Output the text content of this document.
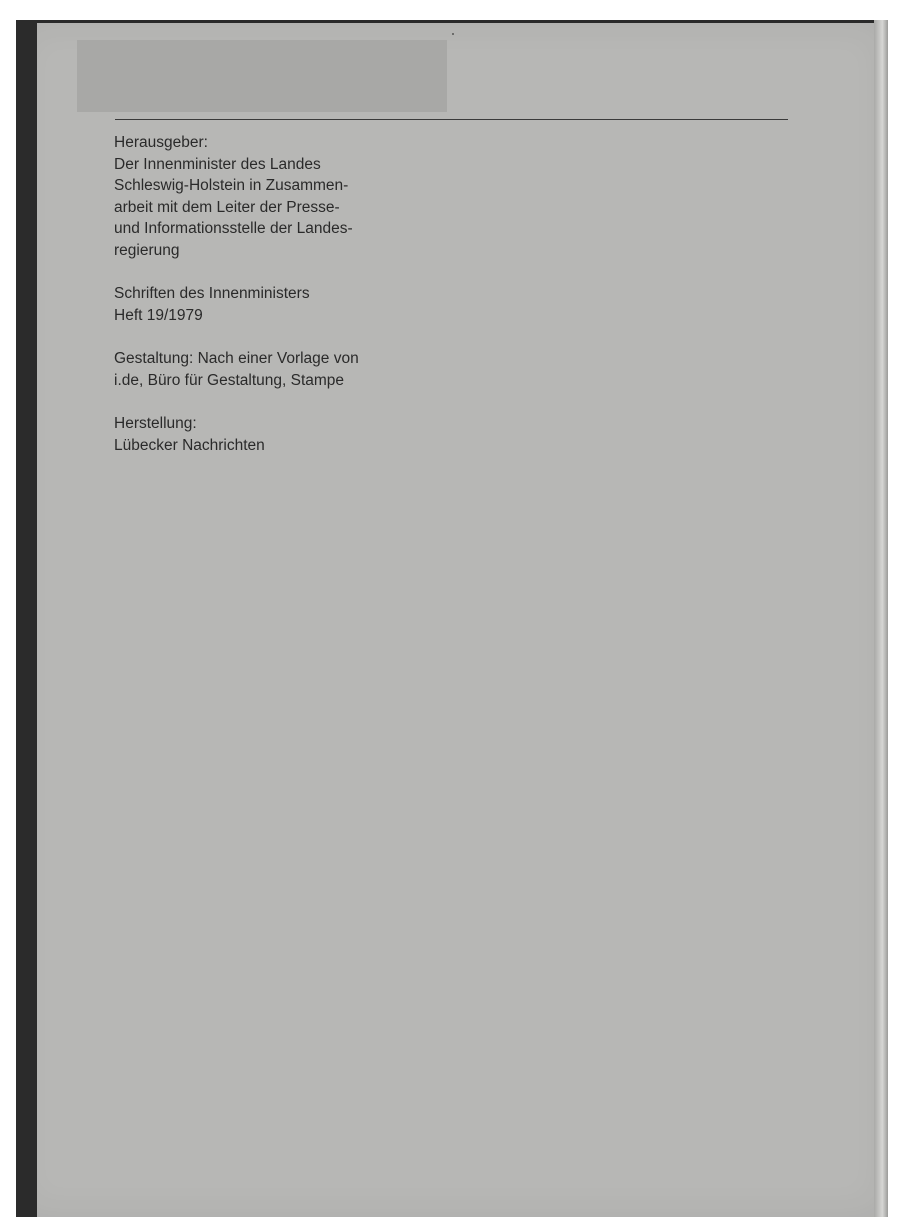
Herausgeber:
Der Innenminister des Landes
Schleswig-Holstein in Zusammen-
arbeit mit dem Leiter der Presse-
und Informationsstelle der Landes-
regierung
Schriften des Innenministers
Heft 19/1979
Gestaltung: Nach einer Vorlage von
i.de, Büro für Gestaltung, Stampe
Herstellung:
Lübecker Nachrichten
